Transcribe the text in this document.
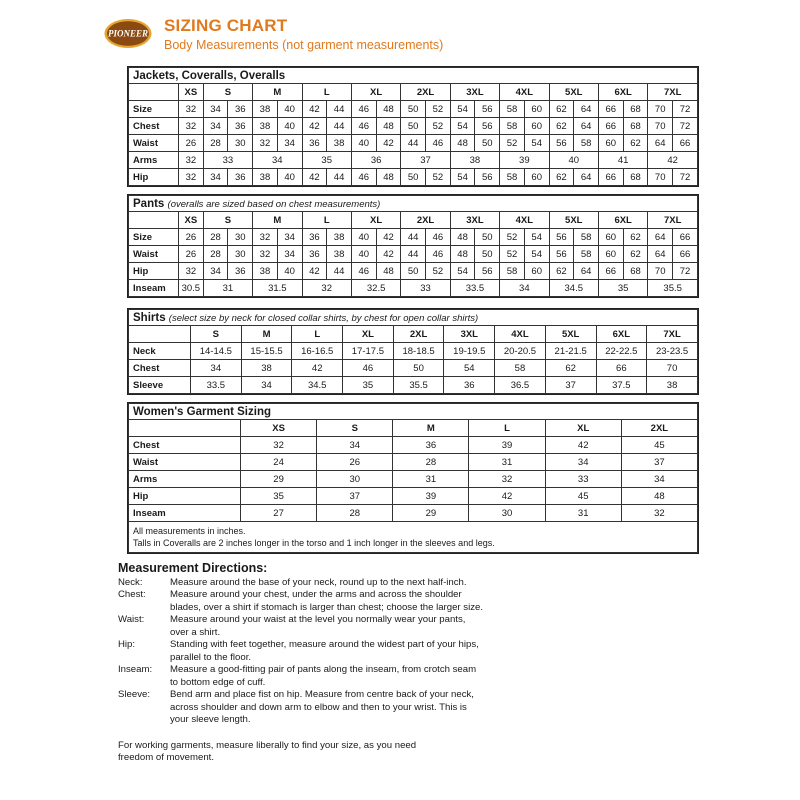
PIONEER SIZING CHART
Body Measurements (not garment measurements)
Jackets, Coveralls, Overalls																					
	XS	S		M		L		XL		2XL		3XL		4XL		5XL		6XL		7XL	
Size	32	34	36	38	40	42	44	46	48	50	52	54	56	58	60	62	64	66	68	70	72
Chest	32	34	36	38	40	42	44	46	48	50	52	54	56	58	60	62	64	66	68	70	72
Waist	26	28	30	32	34	36	38	40	42	44	46	48	50	52	54	56	58	60	62	64	66
Arms	32	33		34		35		36		37		38		39		40		41		42	
Hip	32	34	36	38	40	42	44	46	48	50	52	54	56	58	60	62	64	66	68	70	72
Pants (overalls are sized based on chest measurements)																					
	XS	S		M		L		XL		2XL		3XL		4XL		5XL		6XL		7XL	
Size	26	28	30	32	34	36	38	40	42	44	46	48	50	52	54	56	58	60	62	64	66
Waist	26	28	30	32	34	36	38	40	42	44	46	48	50	52	54	56	58	60	62	64	66
Hip	32	34	36	38	40	42	44	46	48	50	52	54	56	58	60	62	64	66	68	70	72
Inseam	30.5	31		31.5		32		32.5		33		33.5		34		34.5		35		35.5	
Shirts (select size by neck for closed collar shirts, by chest for open collar shirts)										
	S	M	L	XL	2XL	3XL	4XL	5XL	6XL	7XL
Neck	14-14.5	15-15.5	16-16.5	17-17.5	18-18.5	19-19.5	20-20.5	21-21.5	22-22.5	23-23.5
Chest	34	38	42	46	50	54	58	62	66	70
Sleeve	33.5	34	34.5	35	35.5	36	36.5	37	37.5	38
Women's Garment Sizing						
	XS	S	M	L	XL	2XL
Chest	32	34	36	39	42	45
Waist	24	26	28	31	34	37
Arms	29	30	31	32	33	34
Hip	35	37	39	42	45	48
Inseam	27	28	29	30	31	32

All measurements in inches.
Talls in Coveralls are 2 inches longer in the torso and 1 inch longer in the sleeves and legs.						
Measurement Directions:
Neck:	Measure around the base of your neck, round up to the next half-inch.
Chest:	Measure around your chest, under the arms and across the shoulder blades, over a shirt if stomach is larger than chest; choose the larger size.
Waist:	Measure around your waist at the level you normally wear your pants, over a shirt.
Hip:	Standing with feet together, measure around the widest part of your hips, parallel to the floor.
Inseam:	Measure a good-fitting pair of pants along the inseam, from crotch seam to bottom edge of cuff.
Sleeve:	Bend arm and place fist on hip. Measure from centre back of your neck, across shoulder and down arm to elbow and then to your wrist. This is your sleeve length.
For working garments, measure liberally to find your size, as you need freedom of movement.
